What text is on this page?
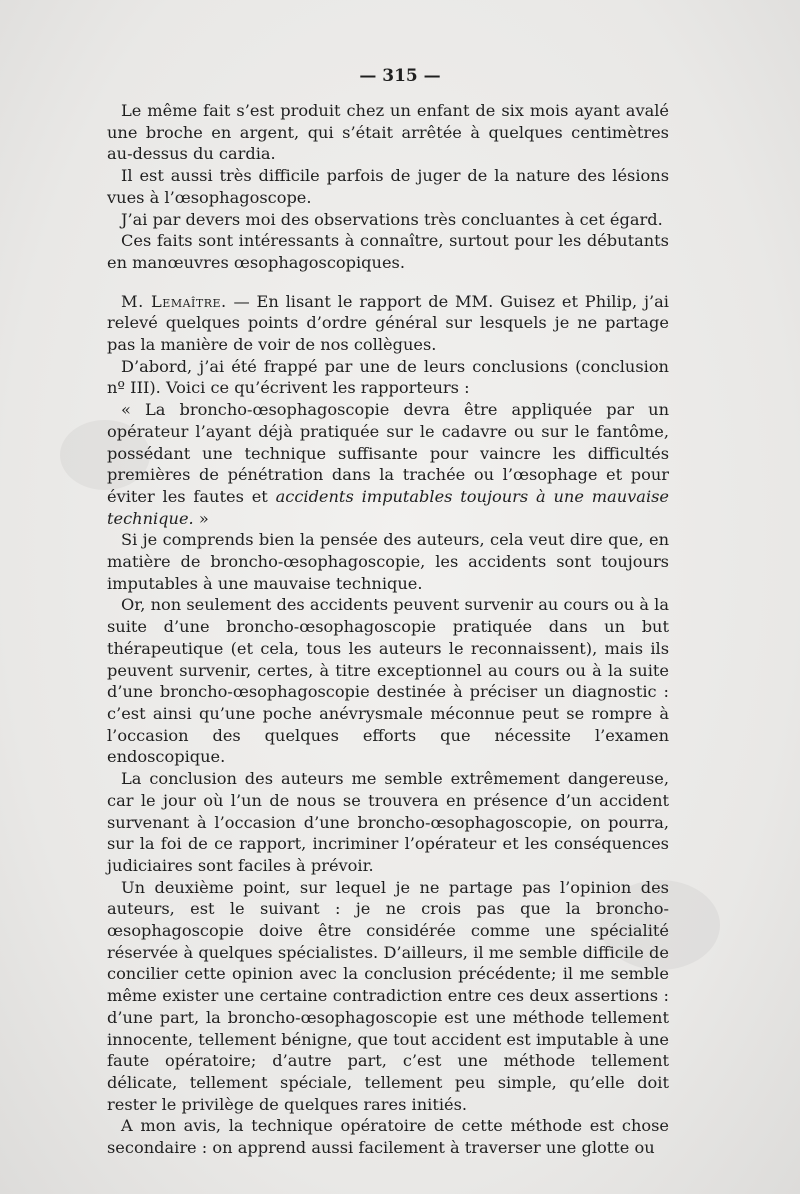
— 315 —

Le même fait s’est produit chez un enfant de six mois ayant avalé une broche en argent, qui s’était arrêtée à quelques centimètres au-dessus du cardia.

Il est aussi très difficile parfois de juger de la nature des lésions vues à l’œsophagoscope.

J’ai par devers moi des observations très concluantes à cet égard.

Ces faits sont intéressants à connaître, surtout pour les débutants en manœuvres œsophagoscopiques.

M. Lemaître. — En lisant le rapport de MM. Guisez et Philip, j’ai relevé quelques points d’ordre général sur lesquels je ne partage pas la manière de voir de nos collègues.

D’abord, j’ai été frappé par une de leurs conclusions (conclusion nº III). Voici ce qu’écrivent les rapporteurs :

« La broncho-œsophagoscopie devra être appliquée par un opérateur l’ayant déjà pratiquée sur le cadavre ou sur le fantôme, possédant une technique suffisante pour vaincre les difficultés premières de pénétration dans la trachée ou l’œsophage et pour éviter les fautes et accidents imputables toujours à une mauvaise technique. »

Si je comprends bien la pensée des auteurs, cela veut dire que, en matière de broncho-œsophagoscopie, les accidents sont toujours imputables à une mauvaise technique.

Or, non seulement des accidents peuvent survenir au cours ou à la suite d’une broncho-œsophagoscopie pratiquée dans un but thérapeutique (et cela, tous les auteurs le reconnaissent), mais ils peuvent survenir, certes, à titre exceptionnel au cours ou à la suite d’une broncho-œsophagoscopie destinée à préciser un diagnostic : c’est ainsi qu’une poche anévrysmale méconnue peut se rompre à l’occasion des quelques efforts que nécessite l’examen endoscopique.

La conclusion des auteurs me semble extrêmement dangereuse, car le jour où l’un de nous se trouvera en présence d’un accident survenant à l’occasion d’une broncho-œsophagoscopie, on pourra, sur la foi de ce rapport, incriminer l’opérateur et les conséquences judiciaires sont faciles à prévoir.

Un deuxième point, sur lequel je ne partage pas l’opinion des auteurs, est le suivant : je ne crois pas que la broncho-œsophagoscopie doive être considérée comme une spécialité réservée à quelques spécialistes. D’ailleurs, il me semble difficile de concilier cette opinion avec la conclusion précédente; il me semble même exister une certaine contradiction entre ces deux assertions : d’une part, la broncho-œsophagoscopie est une méthode tellement innocente, tellement bénigne, que tout accident est imputable à une faute opératoire; d’autre part, c’est une méthode tellement délicate, tellement spéciale, tellement peu simple, qu’elle doit rester le privilège de quelques rares initiés.

A mon avis, la technique opératoire de cette méthode est chose secondaire : on apprend aussi facilement à traverser une glotte ou
